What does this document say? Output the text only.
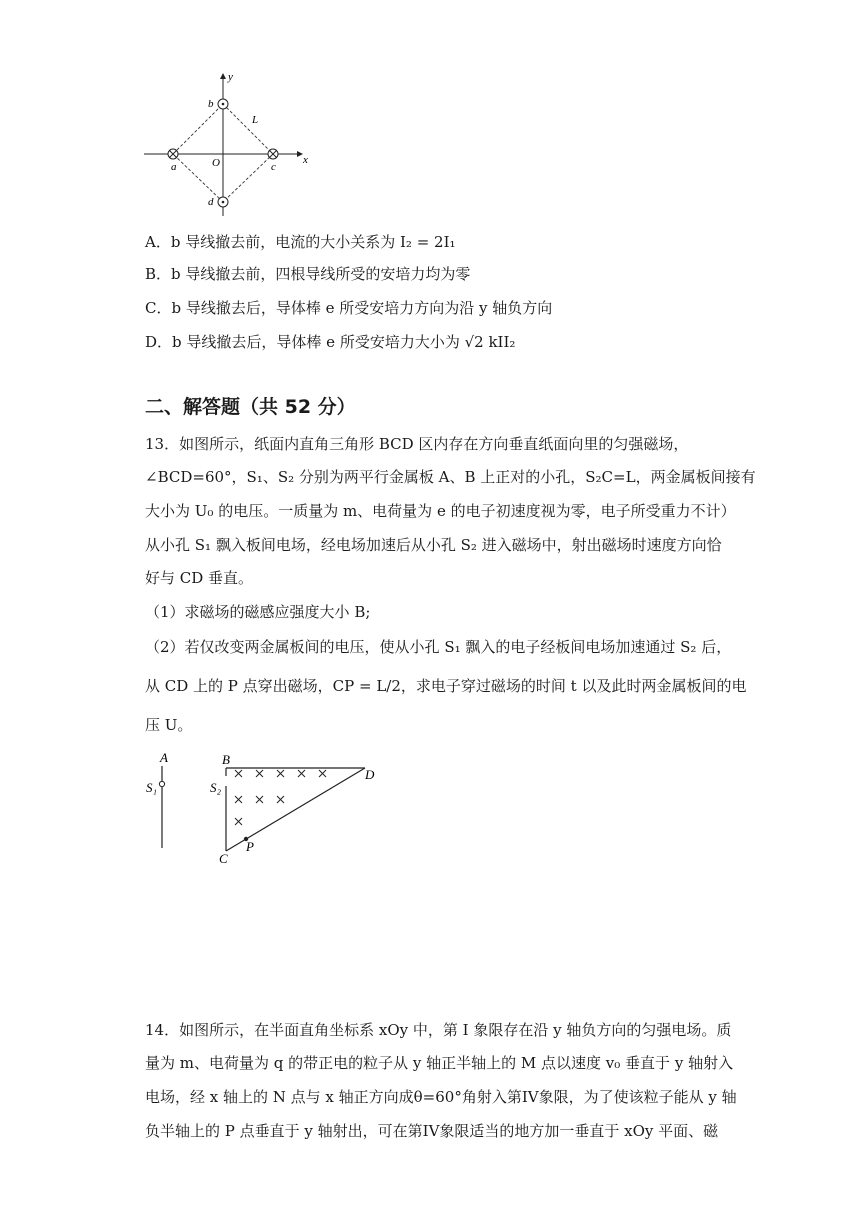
y
x
b
L
a	O	c
d
A．b 导线撤去前，电流的大小关系为 I₂ = 2I₁
B．b 导线撤去前，四根导线所受的安培力均为零
C．b 导线撤去后，导体棒 e 所受安培力方向为沿 y 轴负方向
D．b 导线撤去后，导体棒 e 所受安培力大小为 √2 kII₂
二、解答题（共 52 分）
13．如图所示，纸面内直角三角形 BCD 区内存在方向垂直纸面向里的匀强磁场，
∠BCD=60°，S₁、S₂ 分别为两平行金属板 A、B 上正对的小孔，S₂C=L，两金属板间接有
大小为 U₀ 的电压。一质量为 m、电荷量为 e 的电子初速度视为零，电子所受重力不计）
从小孔 S₁ 飘入板间电场，经电场加速后从小孔 S₂ 进入磁场中，射出磁场时速度方向恰
好与 CD 垂直。
（1）求磁场的磁感应强度大小 B;
（2）若仅改变两金属板间的电压，使从小孔 S₁ 飘入的电子经板间电场加速通过 S₂ 后，
从 CD 上的 P 点穿出磁场，CP = L/2，求电子穿过磁场的时间 t 以及此时两金属板间的电
压 U。
A
S₁
B
S₂
C
D
P
14．如图所示，在半面直角坐标系 xOy 中，第 I 象限存在沿 y 轴负方向的匀强电场。质
量为 m、电荷量为 q 的带正电的粒子从 y 轴正半轴上的 M 点以速度 v₀ 垂直于 y 轴射入
电场，经 x 轴上的 N 点与 x 轴正方向成θ=60°角射入第IV象限，为了使该粒子能从 y 轴
负半轴上的 P 点垂直于 y 轴射出，可在第IV象限适当的地方加一垂直于 xOy 平面、磁
